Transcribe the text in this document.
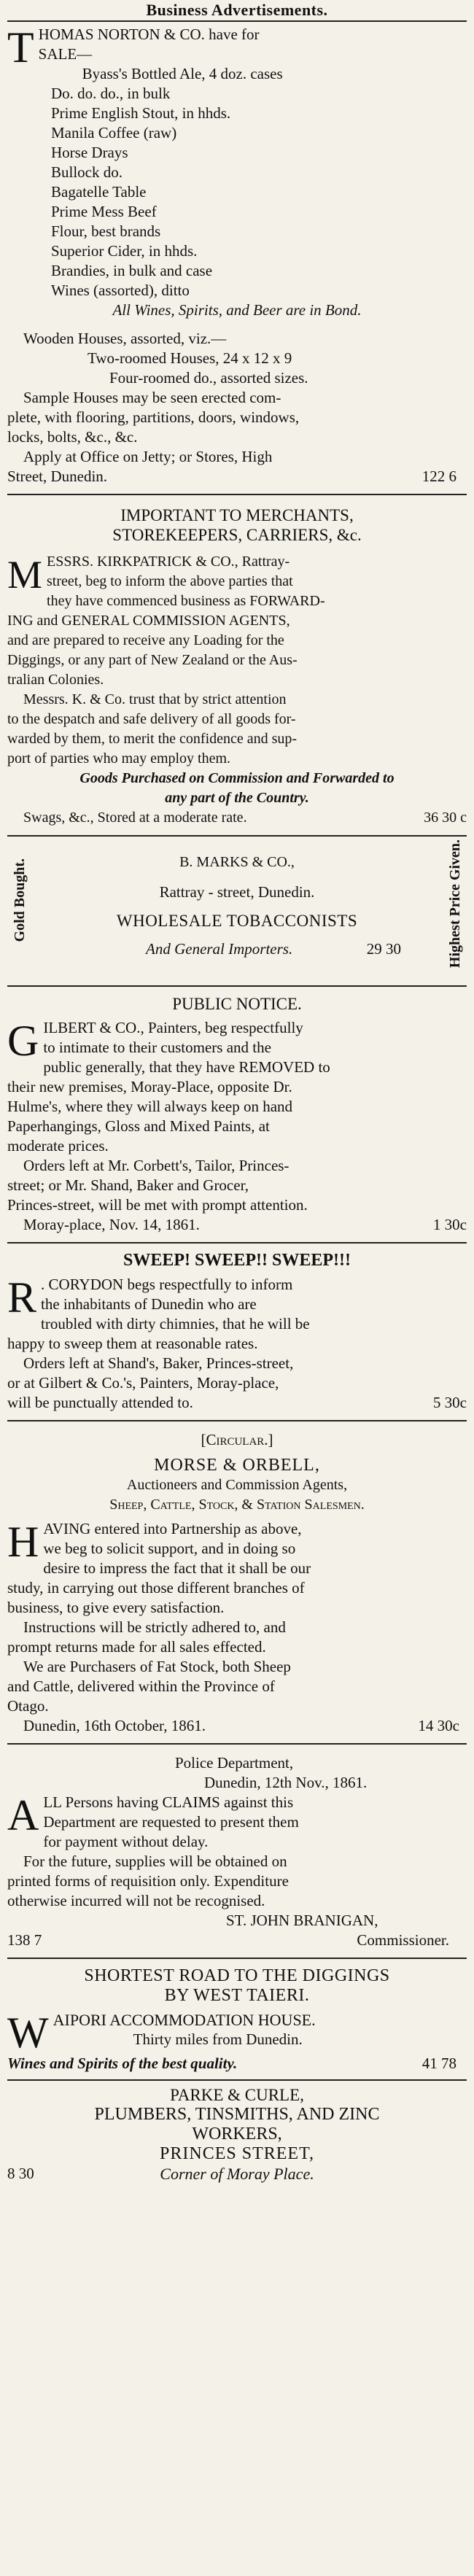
Business Advertisements.
T HOMAS NORTON & CO. have for
SALE—
Byass's Bottled Ale, 4 doz. cases
Do. do. do., in bulk
Prime English Stout, in hhds.
Manila Coffee (raw)
Horse Drays
Bullock do.
Bagatelle Table
Prime Mess Beef
Flour, best brands
Superior Cider, in hhds.
Brandies, in bulk and case
Wines (assorted), ditto
All Wines, Spirits, and Beer are in Bond.
Wooden Houses, assorted, viz.—
Two-roomed Houses, 24 x 12 x 9
Four-roomed do., assorted sizes.
Sample Houses may be seen erected com-
plete, with flooring, partitions, doors, windows,
locks, bolts, &c., &c.
Apply at Office on Jetty; or Stores, High
Street, Dunedin.	122 6
IMPORTANT TO MERCHANTS,
STOREKEEPERS, CARRIERS, &c.
M ESSRS. KIRKPATRICK & CO., Rattray-
street, beg to inform the above parties that
they have commenced business as FORWARD-
ING and GENERAL COMMISSION AGENTS,
and are prepared to receive any Loading for the
Diggings, or any part of New Zealand or the Aus-
tralian Colonies.
Messrs. K. & Co. trust that by strict attention
to the despatch and safe delivery of all goods for-
warded by them, to merit the confidence and sup-
port of parties who may employ them.
Goods Purchased on Commission and Forwarded to
any part of the Country.
Swags, &c., Stored at a moderate rate.	36 30 c
Gold Bought.	Highest Price Given.
B. MARKS & CO.,
Rattray - street, Dunedin.
WHOLESALE TOBACCONISTS
And General Importers.	29 30
PUBLIC NOTICE.
G ILBERT & CO., Painters, beg respectfully
to intimate to their customers and the
public generally, that they have REMOVED to
their new premises, Moray-Place, opposite Dr.
Hulme's, where they will always keep on hand
Paperhangings, Gloss and Mixed Paints, at
moderate prices.
Orders left at Mr. Corbett's, Tailor, Princes-
street; or Mr. Shand, Baker and Grocer,
Princes-street, will be met with prompt attention.
Moray-place, Nov. 14, 1861.	1 30c
SWEEP! SWEEP!! SWEEP!!!
R . CORYDON begs respectfully to inform
the inhabitants of Dunedin who are
troubled with dirty chimnies, that he will be
happy to sweep them at reasonable rates.
Orders left at Shand's, Baker, Princes-street,
or at Gilbert & Co.'s, Painters, Moray-place,
will be punctually attended to.	5 30c
[Circular.]
MORSE & ORBELL,
Auctioneers and Commission Agents,
Sheep, Cattle, Stock, & Station Salesmen.
H AVING entered into Partnership as above,
we beg to solicit support, and in doing so
desire to impress the fact that it shall be our
study, in carrying out those different branches of
business, to give every satisfaction.
Instructions will be strictly adhered to, and
prompt returns made for all sales effected.
We are Purchasers of Fat Stock, both Sheep
and Cattle, delivered within the Province of
Otago.
Dunedin, 16th October, 1861.	14 30c
Police Department,
Dunedin, 12th Nov., 1861.
A LL Persons having CLAIMS against this
Department are requested to present them
for payment without delay.
For the future, supplies will be obtained on
printed forms of requisition only. Expenditure
otherwise incurred will not be recognised.
ST. JOHN BRANIGAN,
138 7	Commissioner.
SHORTEST ROAD TO THE DIGGINGS
BY WEST TAIERI.
W AIPORI ACCOMMODATION HOUSE.
Thirty miles from Dunedin.
Wines and Spirits of the best quality.	41 78
PARKE & CURLE,
PLUMBERS, TINSMITHS, AND ZINC
WORKERS,
PRINCES STREET,
8 30	Corner of Moray Place.
